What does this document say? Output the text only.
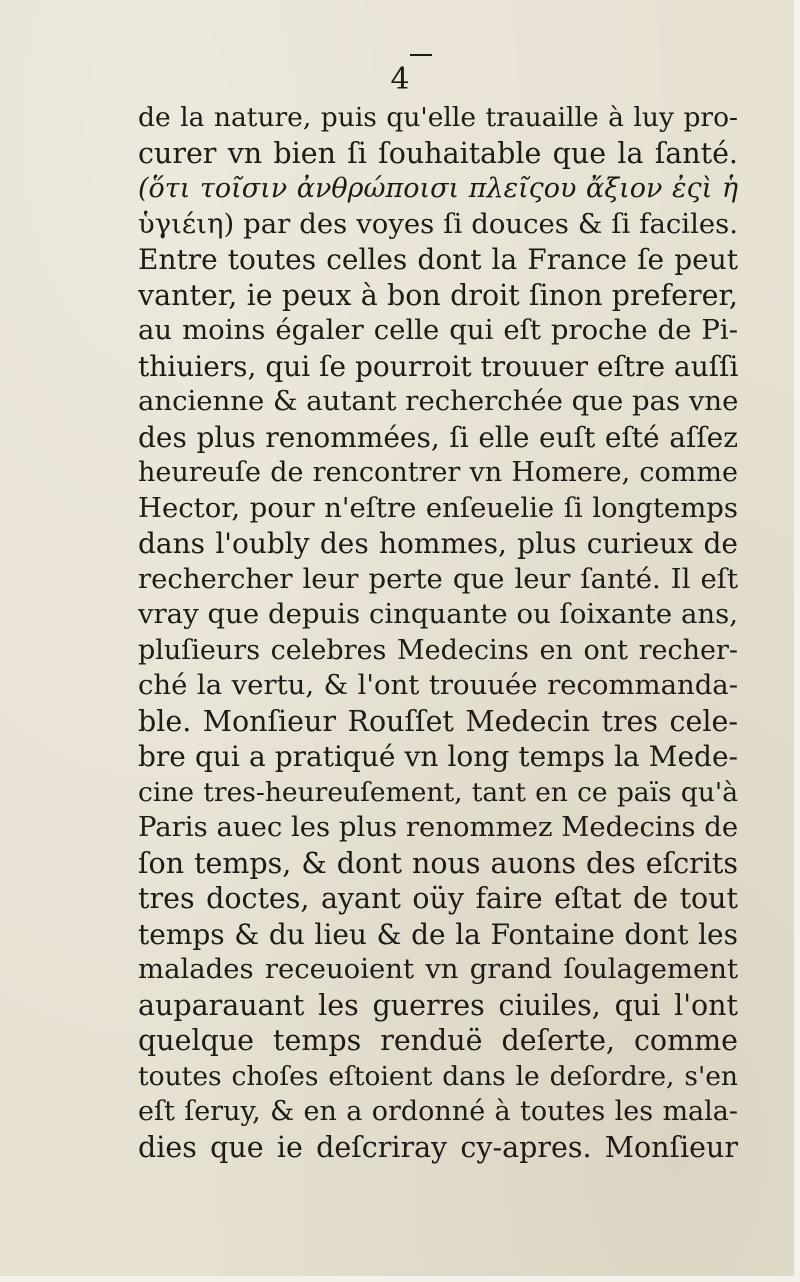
4
de la nature, puis qu'elle trauaille à luy pro-
curer vn bien ſi ſouhaitable que la ſanté.
(ὅτι τοῖσιν ἀνθρώποισι πλεῖςου ἄξιον ἐςὶ ἡ
ὑγιέιη) par des voyes ſi douces & ſi faciles.
Entre toutes celles dont la France ſe peut
vanter, ie peux à bon droit ſinon preferer,
au moins égaler celle qui eſt proche de Pi-
thiuiers, qui ſe pourroit trouuer eſtre auſſi
ancienne & autant recherchée que pas vne
des plus renommées, ſi elle euſt eſté aſſez
heureuſe de rencontrer vn Homere, comme
Hector, pour n'eſtre enſeuelie ſi longtemps
dans l'oubly des hommes, plus curieux de
rechercher leur perte que leur ſanté. Il eſt
vray que depuis cinquante ou ſoixante ans,
pluſieurs celebres Medecins en ont recher-
ché la vertu, & l'ont trouuée recommanda-
ble. Monſieur Rouſſet Medecin tres cele-
bre qui a pratiqué vn long temps la Mede-
cine tres-heureuſement, tant en ce païs qu'à
Paris auec les plus renommez Medecins de
ſon temps, & dont nous auons des eſcrits
tres doctes, ayant oüy faire eſtat de tout
temps & du lieu & de la Fontaine dont les
malades receuoient vn grand ſoulagement
auparauant les guerres ciuiles, qui l'ont
quelque temps renduë deſerte, comme
toutes choſes eſtoient dans le deſordre, s'en
eſt ſeruy, & en a ordonné à toutes les mala-
dies que ie deſcriray cy-apres. Monſieur
